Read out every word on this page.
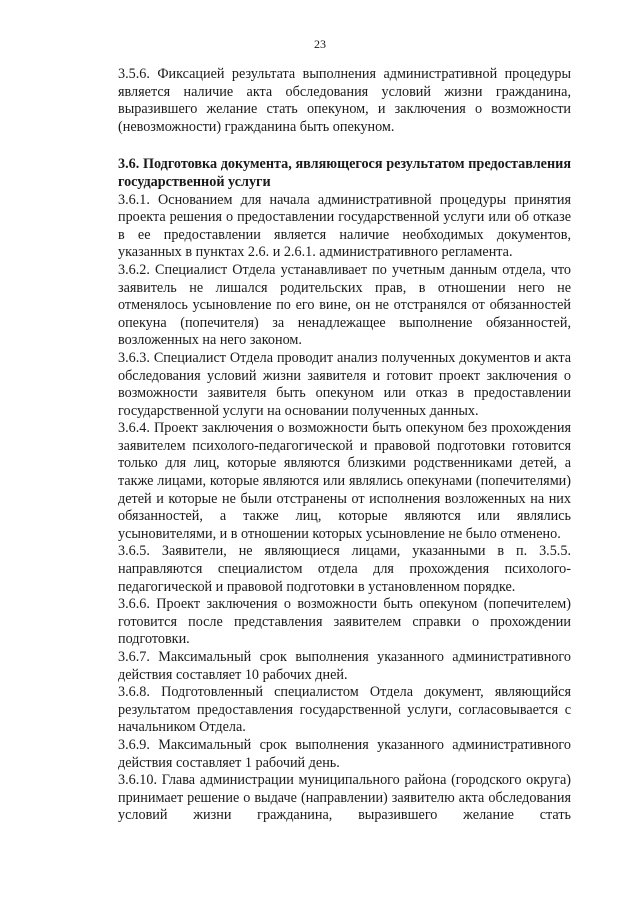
23

3.5.6. Фиксацией результата выполнения административной процедуры является наличие акта обследования условий жизни гражданина, выразившего желание стать опекуном, и заключения о возможности (невозможности) гражданина быть опекуном.

3.6. Подготовка документа, являющегося результатом предоставления государственной услуги

3.6.1. Основанием для начала административной процедуры принятия проекта решения о предоставлении государственной услуги или об отказе в ее предоставлении является наличие необходимых документов, указанных в пунктах 2.6. и 2.6.1. административного регламента.

3.6.2. Специалист Отдела устанавливает по учетным данным отдела, что заявитель не лишался родительских прав, в отношении него не отменялось усыновление по его вине, он не отстранялся от обязанностей опекуна (попечителя) за ненадлежащее выполнение обязанностей, возложенных на него законом.

3.6.3. Специалист Отдела проводит анализ полученных документов и акта обследования условий жизни заявителя и готовит проект заключения о возможности заявителя быть опекуном или отказ в предоставлении государственной услуги на основании полученных данных.

3.6.4. Проект заключения о возможности быть опекуном без прохождения заявителем психолого-педагогической и правовой подготовки готовится только для лиц, которые являются близкими родственниками детей, а также лицами, которые являются или являлись опекунами (попечителями) детей и которые не были отстранены от исполнения возложенных на них обязанностей, а также лиц, которые являются или являлись усыновителями, и в отношении которых усыновление не было отменено.

3.6.5. Заявители, не являющиеся лицами, указанными в п. 3.5.5. направляются специалистом отдела для прохождения психолого-педагогической и правовой подготовки в установленном порядке.

3.6.6. Проект заключения о возможности быть опекуном (попечителем) готовится после представления заявителем справки о прохождении подготовки.

3.6.7. Максимальный срок выполнения указанного административного действия составляет 10 рабочих дней.

3.6.8. Подготовленный специалистом Отдела документ, являющийся результатом предоставления государственной услуги, согласовывается с начальником Отдела.

3.6.9. Максимальный срок выполнения указанного административного действия составляет 1 рабочий день.

3.6.10. Глава администрации муниципального района (городского округа) принимает решение о выдаче (направлении) заявителю акта обследования условий жизни гражданина, выразившего желание стать
